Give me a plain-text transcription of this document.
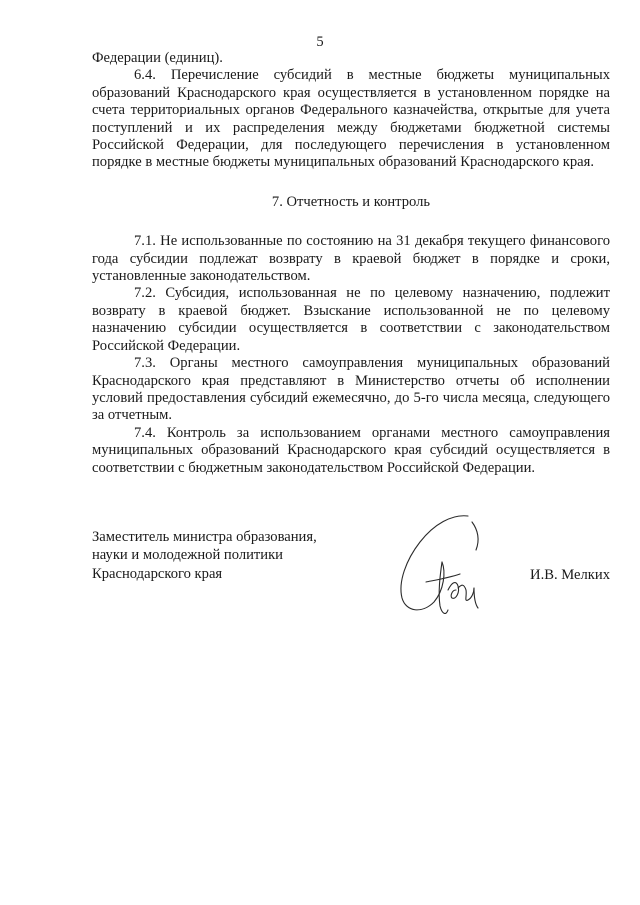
5

Федерации (единиц).

6.4. Перечисление субсидий в местные бюджеты муниципальных образований Краснодарского края осуществляется в установленном порядке на счета территориальных органов Федерального казначейства, открытые для учета поступлений и их распределения между бюджетами бюджетной системы Российской Федерации, для последующего перечисления в установленном порядке в местные бюджеты муниципальных образований Краснодарского края.

7. Отчетность и контроль

7.1. Не использованные по состоянию на 31 декабря текущего финансового года субсидии подлежат возврату в краевой бюджет в порядке и сроки, установленные законодательством.

7.2. Субсидия, использованная не по целевому назначению, подлежит возврату в краевой бюджет. Взыскание использованной не по целевому назначению субсидии осуществляется в соответствии с законодательством Российской Федерации.

7.3. Органы местного самоуправления муниципальных образований Краснодарского края представляют в Министерство отчеты об исполнении условий предоставления субсидий ежемесячно, до 5-го числа месяца, следующего за отчетным.

7.4. Контроль за использованием органами местного самоуправления муниципальных образований Краснодарского края субсидий осуществляется в соответствии с бюджетным законодательством Российской Федерации.

Заместитель министра образования,
науки и молодежной политики
Краснодарского края	И.В. Мелких
